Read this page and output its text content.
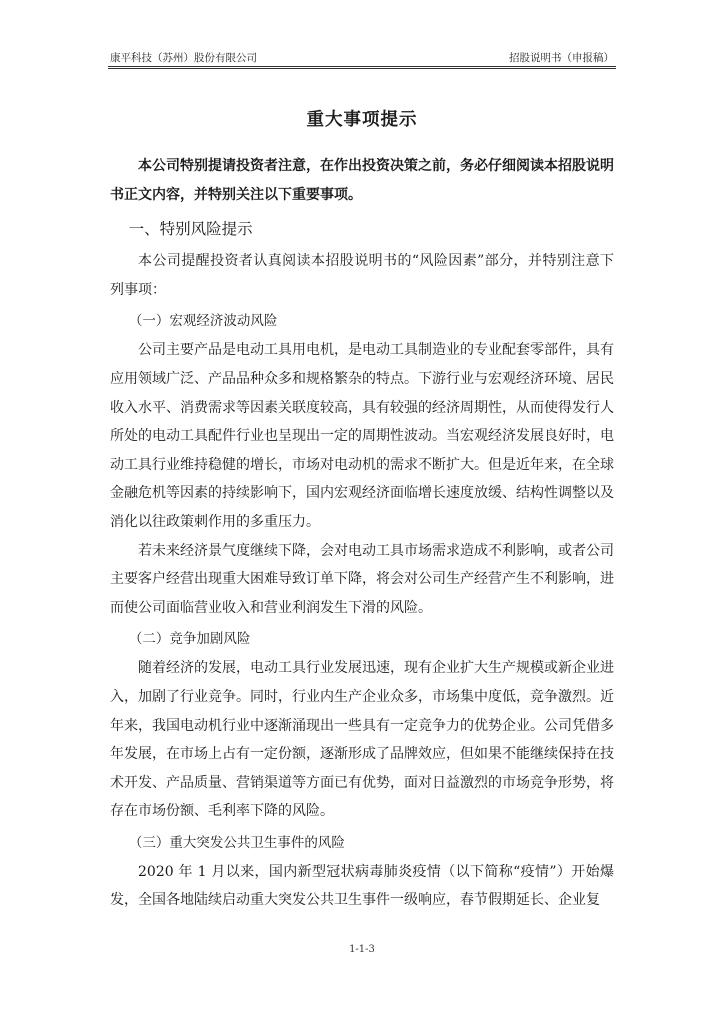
康平科技（苏州）股份有限公司	招股说明书（申报稿）
重大事项提示

本公司特别提请投资者注意，在作出投资决策之前，务必仔细阅读本招股说明书正文内容，并特别关注以下重要事项。

一、特别风险提示

本公司提醒投资者认真阅读本招股说明书的“风险因素”部分，并特别注意下列事项：

（一）宏观经济波动风险

公司主要产品是电动工具用电机，是电动工具制造业的专业配套零部件，具有应用领域广泛、产品品种众多和规格繁杂的特点。下游行业与宏观经济环境、居民收入水平、消费需求等因素关联度较高，具有较强的经济周期性，从而使得发行人所处的电动工具配件行业也呈现出一定的周期性波动。当宏观经济发展良好时，电动工具行业维持稳健的增长，市场对电动机的需求不断扩大。但是近年来，在全球金融危机等因素的持续影响下，国内宏观经济面临增长速度放缓、结构性调整以及消化以往政策刺作用的多重压力。

若未来经济景气度继续下降，会对电动工具市场需求造成不利影响，或者公司主要客户经营出现重大困难导致订单下降，将会对公司生产经营产生不利影响，进而使公司面临营业收入和营业利润发生下滑的风险。

（二）竞争加剧风险

随着经济的发展，电动工具行业发展迅速，现有企业扩大生产规模或新企业进入，加剧了行业竞争。同时，行业内生产企业众多，市场集中度低，竞争激烈。近年来，我国电动机行业中逐渐涌现出一些具有一定竞争力的优势企业。公司凭借多年发展，在市场上占有一定份额，逐渐形成了品牌效应，但如果不能继续保持在技术开发、产品质量、营销渠道等方面已有优势，面对日益激烈的市场竞争形势，将存在市场份额、毛利率下降的风险。

（三）重大突发公共卫生事件的风险

2020 年 1 月以来，国内新型冠状病毒肺炎疫情（以下简称“疫情”）开始爆发，全国各地陆续启动重大突发公共卫生事件一级响应，春节假期延长、企业复

1-1-3
